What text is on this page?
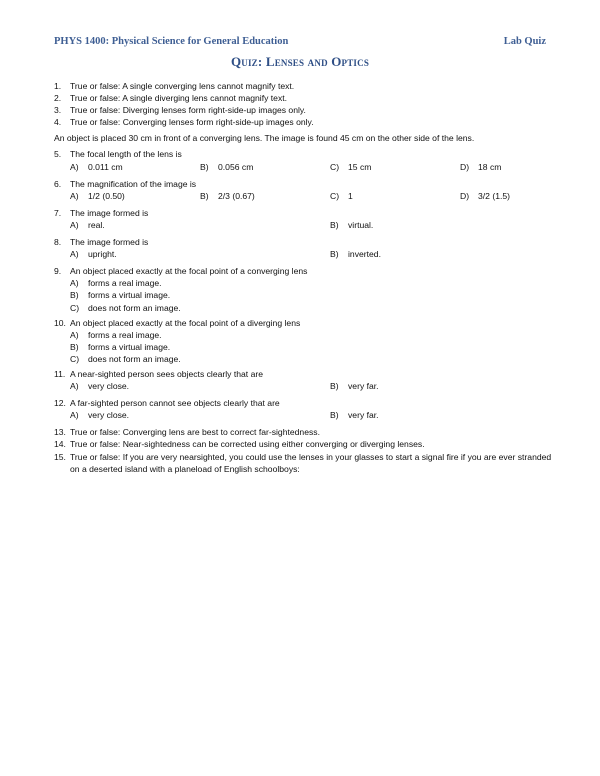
PHYS 1400: Physical Science for General Education	Lab Quiz
Quiz: Lenses and Optics
1.	True or false: A single converging lens cannot magnify text.
2.	True or false: A single diverging lens cannot magnify text.
3.	True or false: Diverging lenses form right-side-up images only.
4.	True or false: Converging lenses form right-side-up images only.
An object is placed 30 cm in front of a converging lens. The image is found 45 cm on the other side of the lens.
5.	The focal length of the lens is
A)	0.011 cm	B)	0.056 cm	C)	15 cm	D)	18 cm
6.	The magnification of the image is
A)	1/2 (0.50)	B)	2/3 (0.67)	C)	1	D)	3/2 (1.5)
7.	The image formed is
A)	real.	B)	virtual.
8.	The image formed is
A)	upright.	B)	inverted.
9.	An object placed exactly at the focal point of a converging lens
A)	forms a real image.
B)	forms a virtual image.
C)	does not form an image.
10. An object placed exactly at the focal point of a diverging lens
A)	forms a real image.
B)	forms a virtual image.
C)	does not form an image.
11. A near-sighted person sees objects clearly that are
A)	very close.	B)	very far.
12. A far-sighted person cannot see objects clearly that are
A)	very close.	B)	very far.
13. True or false: Converging lens are best to correct far-sightedness.
14. True or false: Near-sightedness can be corrected using either converging or diverging lenses.
15. True or false: If you are very nearsighted, you could use the lenses in your glasses to start a signal fire if you are ever stranded on a deserted island with a planeload of English schoolboys:
